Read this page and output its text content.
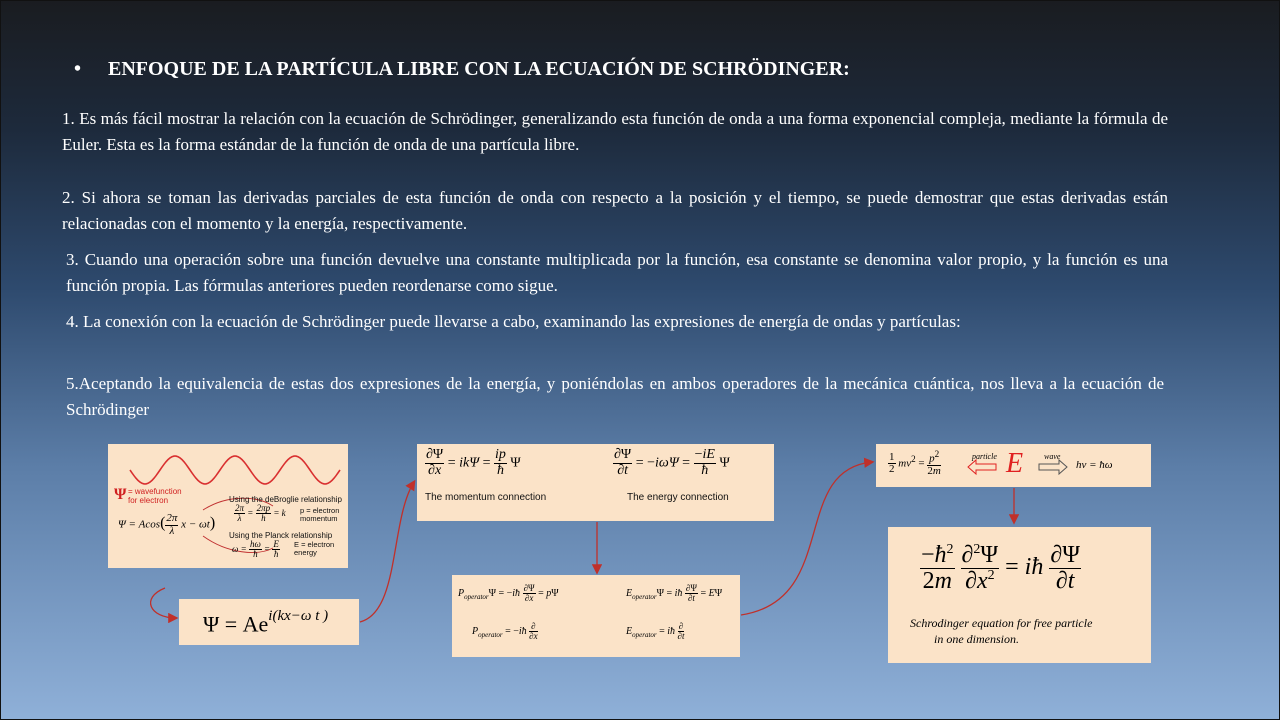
• ENFOQUE DE LA PARTÍCULA LIBRE CON LA ECUACIÓN DE SCHRÖDINGER:
1. Es más fácil mostrar la relación con la ecuación de Schrödinger, generalizando esta función de onda a una forma exponencial compleja, mediante la fórmula de Euler. Esta es la forma estándar de la función de onda de una partícula libre.
2. Si ahora se toman las derivadas parciales de esta función de onda con respecto a la posición y el tiempo, se puede demostrar que estas derivadas están relacionadas con el momento y la energía, respectivamente.
3. Cuando una operación sobre una función devuelve una constante multiplicada por la función, esa constante se denomina valor propio, y la función es una función propia. Las fórmulas anteriores pueden reordenarse como sigue.
4. La conexión con la ecuación de Schrödinger puede llevarse a cabo, examinando las expresiones de energía de ondas y partículas:
5.Aceptando la equivalencia de estas dos expresiones de la energía, y poniéndolas en ambos operadores de la mecánica cuántica, nos lleva a la ecuación de Schrödinger
Ψ = wavefunction
for electron	Using the deBroglie relationship
$\frac{2\pi}{\lambda} = \frac{2\pi p}{h} = k$ p = electron
momentum
$\Psi = Acos( \frac{2\pi}{\lambda}$ x − ωt)
Using the Planck relationship
$\omega = \frac{h\omega}{ħ} = \frac{E}{ħ}$ E = electron
energy
$\Psi = Ae^{i(kx-\omega t )}$
$\frac{\partial\Psi}{\partial x} = ik\Psi = \frac{ip}{ħ}$ Ψ	$\frac{\partial\Psi}{\partial t} = -i\omega\Psi = \frac{-iE}{ħ}$ Ψ
The momentum connection	The energy connection
$P_{operator}\Psi$ = −iħ $\frac{\partial\Psi}{\partial x} = p\Psi$	$E_{operator}\Psi$ = iħ $\frac{\partial\Psi}{\partial t} = E\Psi$
$P_{operator}$ = −iħ $\frac{\partial}{\partial x}$	$E_{operator}$ = iħ $\frac{\partial}{\partial t}$
$\frac{1}{2} mv^2 = \frac{p^2}{2m}$	particle E	wave
hν = ħω
$\frac{-ħ^2}{2m}$
$\frac{\partial^2\Psi}{\partial x^2}$ = iħ $\frac{\partial\Psi}{\partial t}$
Schrodinger equation for free particle
in one dimension.
